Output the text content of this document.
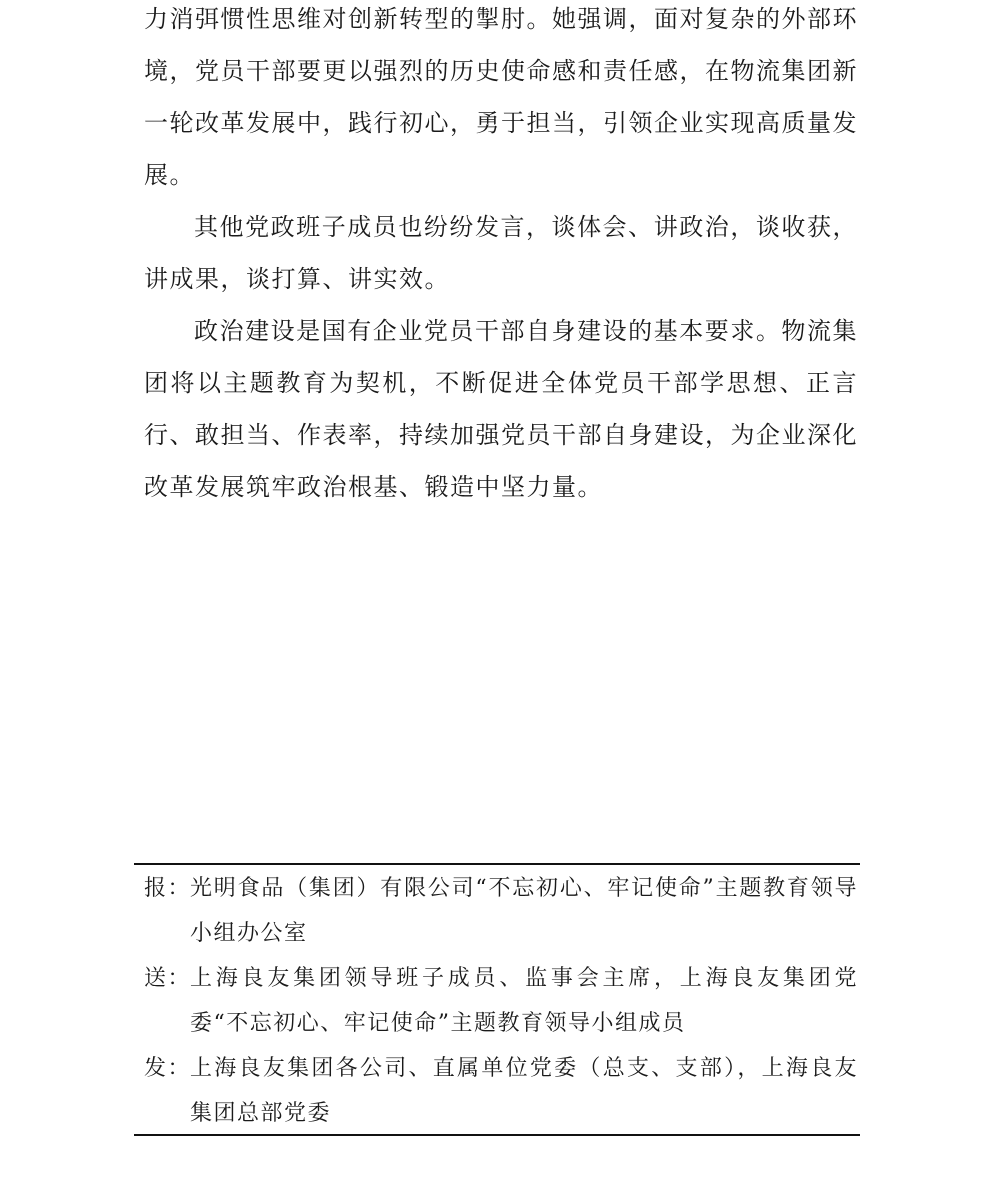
力消弭惯性思维对创新转型的掣肘。她强调，面对复杂的外部环境，党员干部要更以强烈的历史使命感和责任感，在物流集团新一轮改革发展中，践行初心，勇于担当，引领企业实现高质量发展。

其他党政班子成员也纷纷发言，谈体会、讲政治，谈收获，讲成果，谈打算、讲实效。

政治建设是国有企业党员干部自身建设的基本要求。物流集团将以主题教育为契机，不断促进全体党员干部学思想、正言行、敢担当、作表率，持续加强党员干部自身建设，为企业深化改革发展筑牢政治根基、锻造中坚力量。

报：
光明食品（集团）有限公司“不忘初心、牢记使命”主题教育领导小组办公室
送：
上海良友集团领导班子成员、监事会主席，上海良友集团党委“不忘初心、牢记使命”主题教育领导小组成员
发：
上海良友集团各公司、直属单位党委（总支、支部），上海良友集团总部党委
